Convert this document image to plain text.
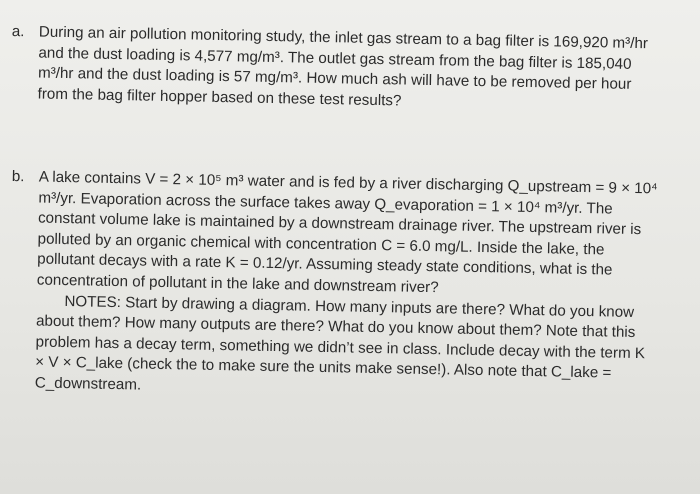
a. During an air pollution monitoring study, the inlet gas stream to a bag filter is 169,920 m³/hr and the dust loading is 4,577 mg/m³. The outlet gas stream from the bag filter is 185,040 m³/hr and the dust loading is 57 mg/m³. How much ash will have to be removed per hour from the bag filter hopper based on these test results?
b. A lake contains V = 2 × 10⁵ m³ water and is fed by a river discharging Q_upstream = 9 × 10⁴ m³/yr. Evaporation across the surface takes away Q_evaporation = 1 × 10⁴ m³/yr. The constant volume lake is maintained by a downstream drainage river. The upstream river is polluted by an organic chemical with concentration C = 6.0 mg/L. Inside the lake, the pollutant decays with a rate K = 0.12/yr. Assuming steady state conditions, what is the concentration of pollutant in the lake and downstream river?
NOTES: Start by drawing a diagram. How many inputs are there? What do you know about them? How many outputs are there? What do you know about them? Note that this problem has a decay term, something we didn’t see in class. Include decay with the term K × V × C_lake (check the to make sure the units make sense!). Also note that C_lake = C_downstream.
